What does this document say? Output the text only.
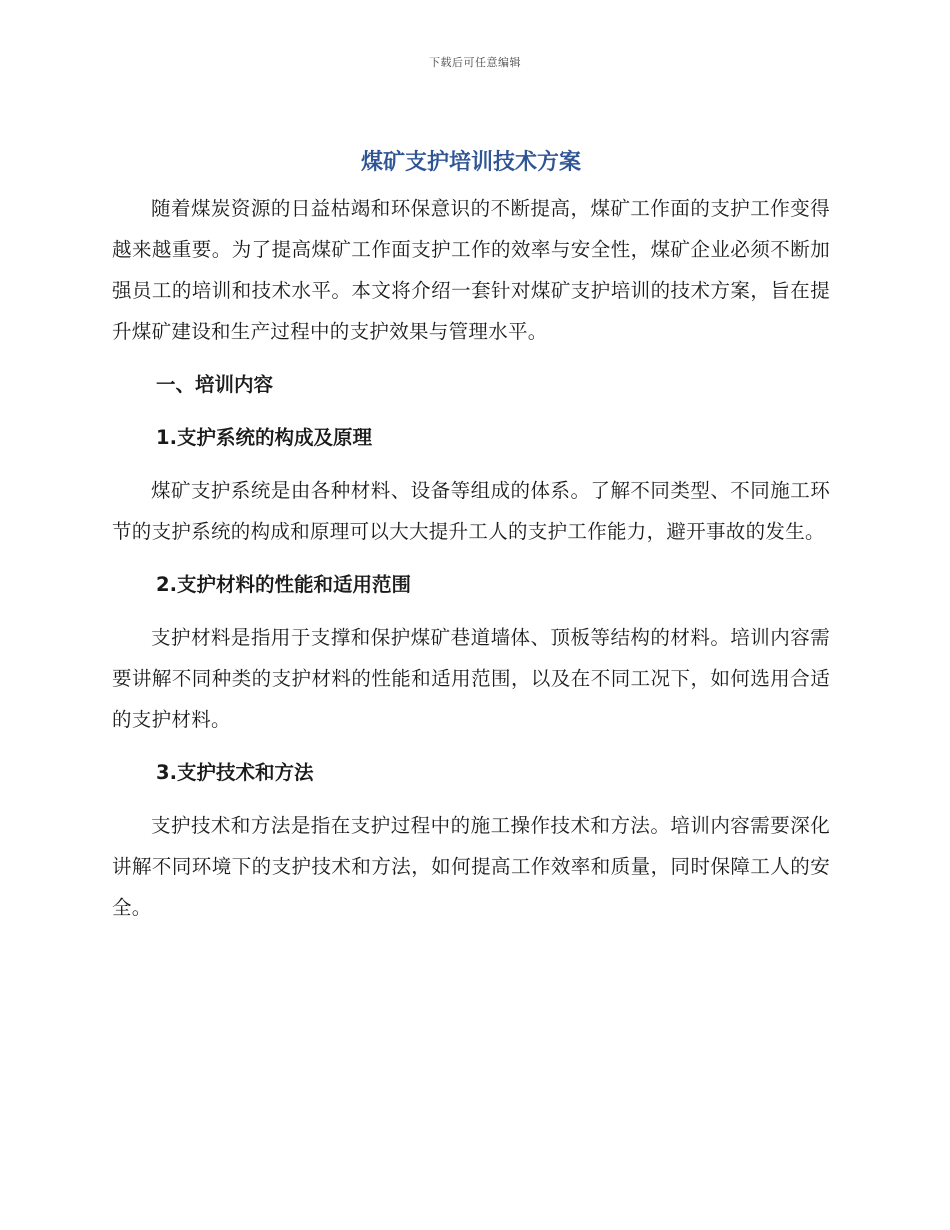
下载后可任意编辑
煤矿支护培训技术方案

随着煤炭资源的日益枯竭和环保意识的不断提高，煤矿工作面的支护工作变得越来越重要。为了提高煤矿工作面支护工作的效率与安全性，煤矿企业必须不断加强员工的培训和技术水平。本文将介绍一套针对煤矿支护培训的技术方案，旨在提升煤矿建设和生产过程中的支护效果与管理水平。

一、培训内容
1.支护系统的构成及原理

煤矿支护系统是由各种材料、设备等组成的体系。了解不同类型、不同施工环节的支护系统的构成和原理可以大大提升工人的支护工作能力，避开事故的发生。

2.支护材料的性能和适用范围

支护材料是指用于支撑和保护煤矿巷道墙体、顶板等结构的材料。培训内容需要讲解不同种类的支护材料的性能和适用范围，以及在不同工况下，如何选用合适的支护材料。

3.支护技术和方法

支护技术和方法是指在支护过程中的施工操作技术和方法。培训内容需要深化讲解不同环境下的支护技术和方法，如何提高工作效率和质量，同时保障工人的安全。
